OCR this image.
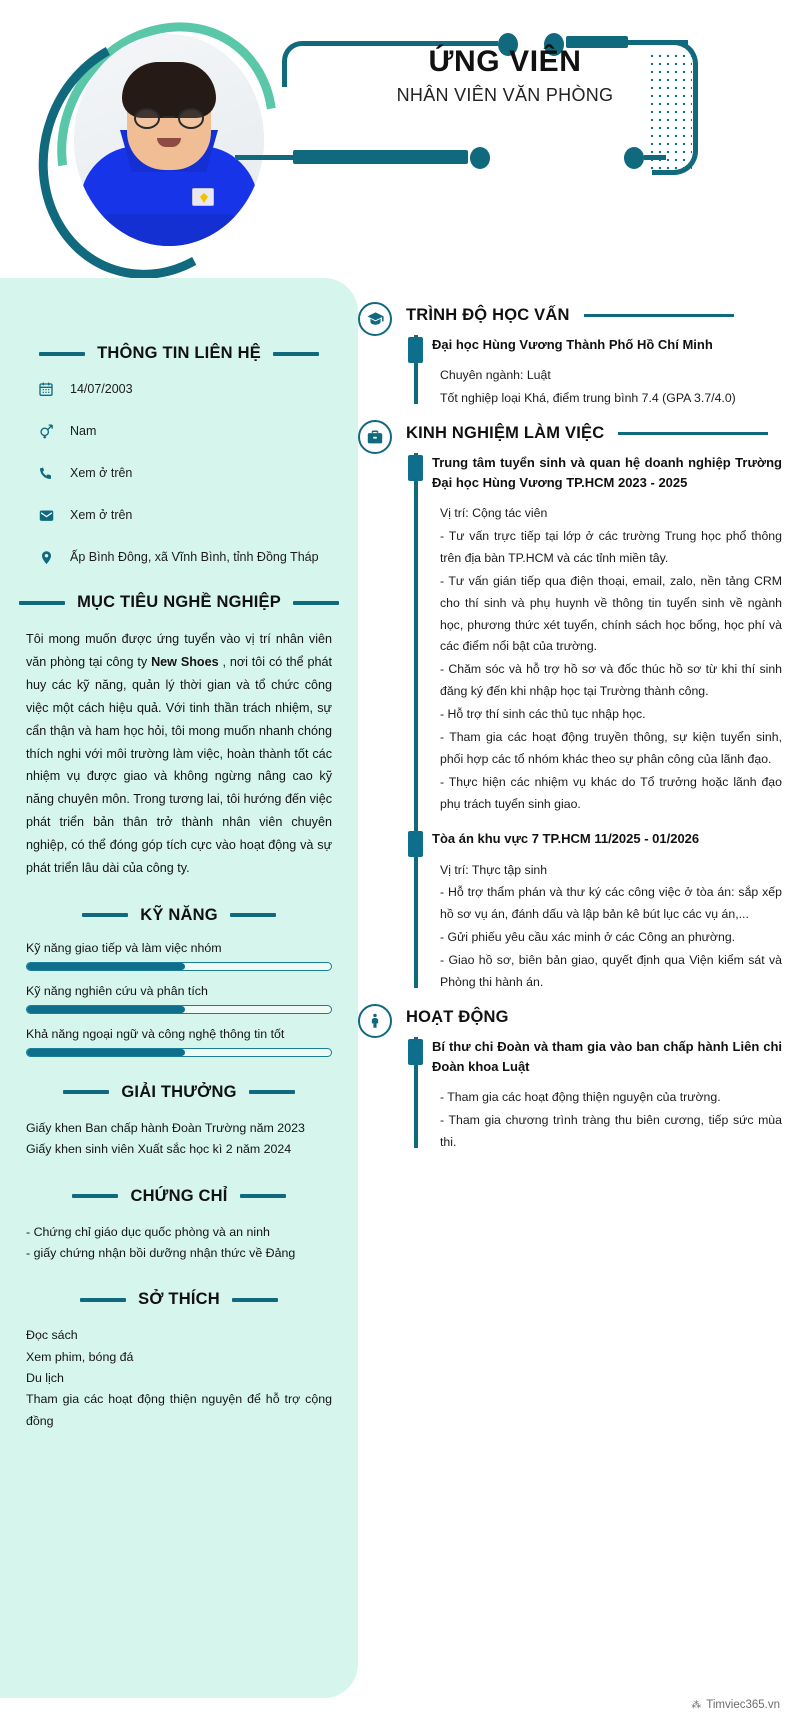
ỨNG VIÊN
NHÂN VIÊN VĂN PHÒNG
THÔNG TIN LIÊN HỆ
14/07/2003
Nam
Xem ở trên
Xem ở trên
Ấp Bình Đông, xã Vĩnh Bình, tỉnh Đồng Tháp
MỤC TIÊU NGHỀ NGHIỆP

Tôi mong muốn được ứng tuyển vào vị trí nhân viên văn phòng tại công ty New Shoes , nơi tôi có thể phát huy các kỹ năng, quản lý thời gian và tổ chức công việc một cách hiệu quả. Với tinh thần trách nhiệm, sự cẩn thận và ham học hỏi, tôi mong muốn nhanh chóng thích nghi với môi trường làm việc, hoàn thành tốt các nhiệm vụ được giao và không ngừng nâng cao kỹ năng chuyên môn. Trong tương lai, tôi hướng đến việc phát triển bản thân trở thành nhân viên chuyên nghiệp, có thể đóng góp tích cực vào hoạt động và sự phát triển lâu dài của công ty.

KỸ NĂNG
Kỹ năng giao tiếp và làm việc nhóm
Kỹ năng nghiên cứu và phân tích
Khả năng ngoại ngữ và công nghệ thông tin tốt
GIẢI THƯỞNG
Giấy khen Ban chấp hành Đoàn Trường năm 2023
Giấy khen sinh viên Xuất sắc học kì 2 năm 2024
CHỨNG CHỈ
- Chứng chỉ giáo dục quốc phòng và an ninh
- giấy chứng nhận bồi dưỡng nhận thức về Đảng
SỞ THÍCH
Đọc sách
Xem phim, bóng đá
Du lịch
Tham gia các hoạt động thiện nguyện để hỗ trợ cộng đồng
TRÌNH ĐỘ HỌC VẤN
Đại học Hùng Vương Thành Phố Hồ Chí Minh

Chuyên ngành: Luật

Tốt nghiệp loại Khá, điểm trung bình 7.4 (GPA 3.7/4.0)

KINH NGHIỆM LÀM VIỆC
Trung tâm tuyển sinh và quan hệ doanh nghiệp Trường Đại học Hùng Vương TP.HCM 2023 - 2025

Vị trí: Cộng tác viên

- Tư vấn trực tiếp tại lớp ở các trường Trung học phổ thông trên địa bàn TP.HCM và các tỉnh miền tây.

- Tư vấn gián tiếp qua điện thoại, email, zalo, nền tảng CRM cho thí sinh và phụ huynh về thông tin tuyển sinh về ngành học, phương thức xét tuyển, chính sách học bổng, học phí và các điểm nổi bật của trường.

- Chăm sóc và hỗ trợ hồ sơ và đốc thúc hồ sơ từ khi thí sinh đăng ký đến khi nhập học tại Trường thành công.

- Hỗ trợ thí sinh các thủ tục nhập học.

- Tham gia các hoạt động truyền thông, sự kiện tuyển sinh, phối hợp các tổ nhóm khác theo sự phân công của lãnh đạo.

- Thực hiện các nhiệm vụ khác do Tổ trưởng hoặc lãnh đạo phụ trách tuyển sinh giao.

Tòa án khu vực 7 TP.HCM 11/2025 - 01/2026

Vị trí: Thực tập sinh

- Hỗ trợ thẩm phán và thư ký các công việc ở tòa án: sắp xếp hồ sơ vụ án, đánh dấu và lập bản kê bút lục các vụ án,...

- Gửi phiếu yêu cầu xác minh ở các Công an phường.

- Giao hồ sơ, biên bản giao, quyết định qua Viện kiểm sát và Phòng thi hành án.

HOẠT ĐỘNG
Bí thư chi Đoàn và tham gia vào ban chấp hành Liên chi Đoàn khoa Luật

- Tham gia các hoạt động thiện nguyện của trường.

- Tham gia chương trình tràng thu biên cương, tiếp sức mùa thi.

⁂ Timviec365.vn
